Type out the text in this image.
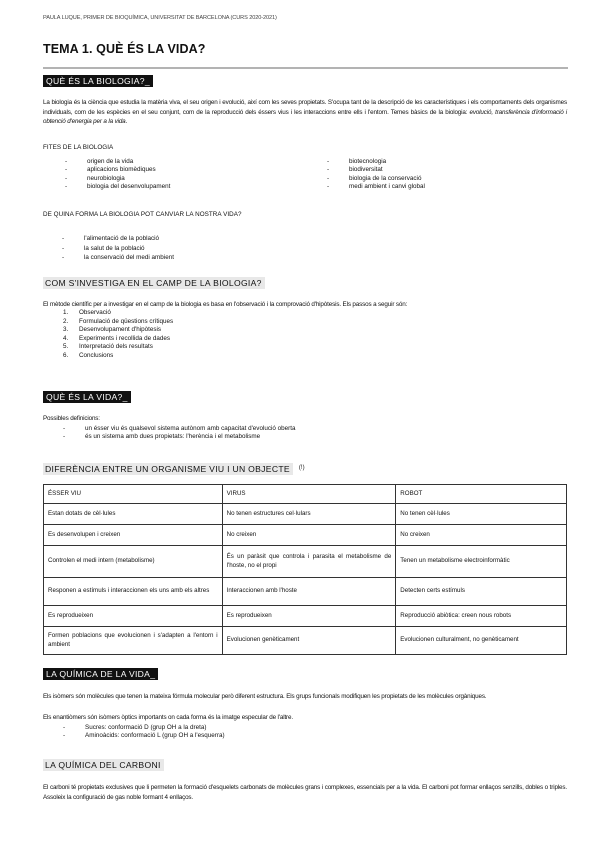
PAULA LUQUE, PRIMER DE BIOQUÍMICA, UNIVERSITAT DE BARCELONA (CURS 2020-2021)
TEMA 1. QUÈ ÉS LA VIDA?
QUÈ ÉS LA BIOLOGIA?_
La biologia és la ciència que estudia la matèria viva, el seu origen i evolució, així com les seves propietats. S'ocupa tant de la descripció de les característiques i els comportaments dels organismes individuals, com de les espècies en el seu conjunt, com de la reproducció dels éssers vius i les interaccions entre ells i l'entorn. Temes bàsics de la biologia: evolució, transferència d'informació i obtenció d'energia per a la vida.
FITES DE LA BIOLOGIA
- origen de la vida
- aplicacions biomèdiques
- neurobiologia
- biologia del desenvolupament
- biotecnologia
- biodiversitat
- biologia de la conservació
- medi ambient i canvi global
DE QUINA FORMA LA BIOLOGIA POT CANVIAR LA NOSTRA VIDA?
- l'alimentació de la població
- la salut de la població
- la conservació del medi ambient
COM S'INVESTIGA EN EL CAMP DE LA BIOLOGIA?
El mètode científic per a investigar en el camp de la biologia es basa en l'observació i la comprovació d'hipòtesis. Els passos a seguir són:
1. Observació
2. Formulació de qüestions crítiques
3. Desenvolupament d'hipòtesis
4. Experiments i recollida de dades
5. Interpretació dels resultats
6. Conclusions
QUÈ ÉS LA VIDA?_
Possibles definicions:
- un ésser viu és qualsevol sistema autònom amb capacitat d'evolució oberta
- és un sistema amb dues propietats: l'herència i el metabolisme
DIFERÈNCIA ENTRE UN ORGANISME VIU I UN OBJECTE (!)
ÉSSER VIU	VIRUS	ROBOT
Estan dotats de cèl·lules	No tenen estructures cel·lulars	No tenen cèl·lules
Es desenvolupen i creixen	No creixen	No creixen
Controlen el medi intern (metabolisme)	És un paràsit que controla i parasita el metabolisme de l'hoste, no el propi	Tenen un metabolisme electroinformàtic
Responen a estímuls i interaccionen els uns amb els altres	Interaccionen amb l'hoste	Detecten certs estímuls
Es reprodueixen	Es reprodueixen	Reproducció abiòtica: creen nous robots
Formen poblacions que evolucionen i s'adapten a l'entorn i ambient	Evolucionen genèticament	Evolucionen culturalment, no genèticament
LA QUÍMICA DE LA VIDA_
Els isòmers són molècules que tenen la mateixa fórmula molecular però diferent estructura. Els grups funcionals modifiquen les propietats de les molècules orgàniques.
Els enantiòmers són isòmers òptics importants on cada forma és la imatge especular de l'altre.
- Sucres: conformació D (grup OH a la dreta)
- Aminoàcids: conformació L (grup OH a l'esquerra)
LA QUÍMICA DEL CARBONI
El carboni té propietats exclusives que li permeten la formació d'esquelets carbonats de molècules grans i complexes, essencials per a la vida. El carboni pot formar enllaços senzills, dobles o triples. Assoleix la configuració de gas noble formant 4 enllaços.
